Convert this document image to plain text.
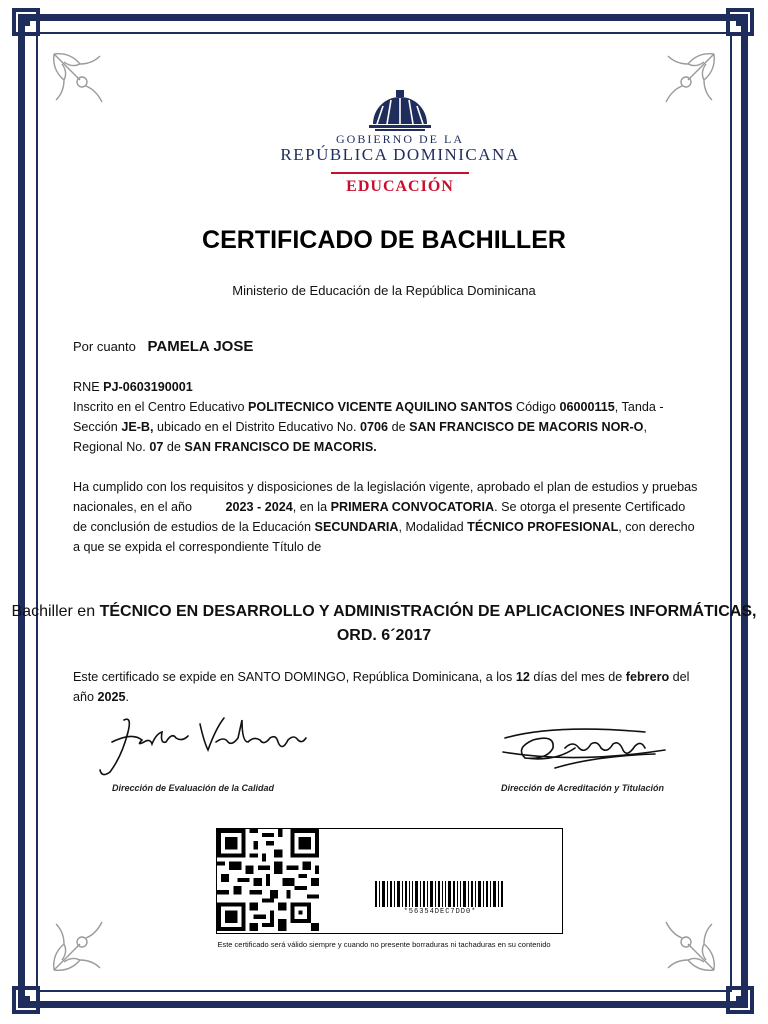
GOBIERNO DE LA
REPÚBLICA DOMINICANA
EDUCACIÓN
CERTIFICADO DE BACHILLER
Ministerio de Educación de la República Dominicana
Por cuanto PAMELA JOSE
RNE PJ-0603190001
Inscrito en el Centro Educativo POLITECNICO VICENTE AQUILINO SANTOS Código 06000115, Tanda - Sección JE-B, ubicado en el Distrito Educativo No. 0706 de SAN FRANCISCO DE MACORIS NOR-O, Regional No. 07 de SAN FRANCISCO DE MACORIS.
Ha cumplido con los requisitos y disposiciones de la legislación vigente, aprobado el plan de estudios y pruebas nacionales, en el año	2023 - 2024, en la PRIMERA CONVOCATORIA. Se otorga el presente Certificado de conclusión de estudios de la Educación SECUNDARIA, Modalidad TÉCNICO PROFESIONAL, con derecho a que se expida el correspondiente Título de
Bachiller en TÉCNICO EN DESARROLLO Y ADMINISTRACIÓN DE APLICACIONES INFORMÁTICAS, ORD. 6´2017
Este certificado se expide en SANTO DOMINGO, República Dominicana, a los 12 días del mes de febrero del año 2025.
Dirección de Evaluación de la Calidad	Dirección de Acreditación y Titulación
*56354DEC7DD0*
Este certificado será válido siempre y cuando no presente borraduras ni tachaduras en su contenido
